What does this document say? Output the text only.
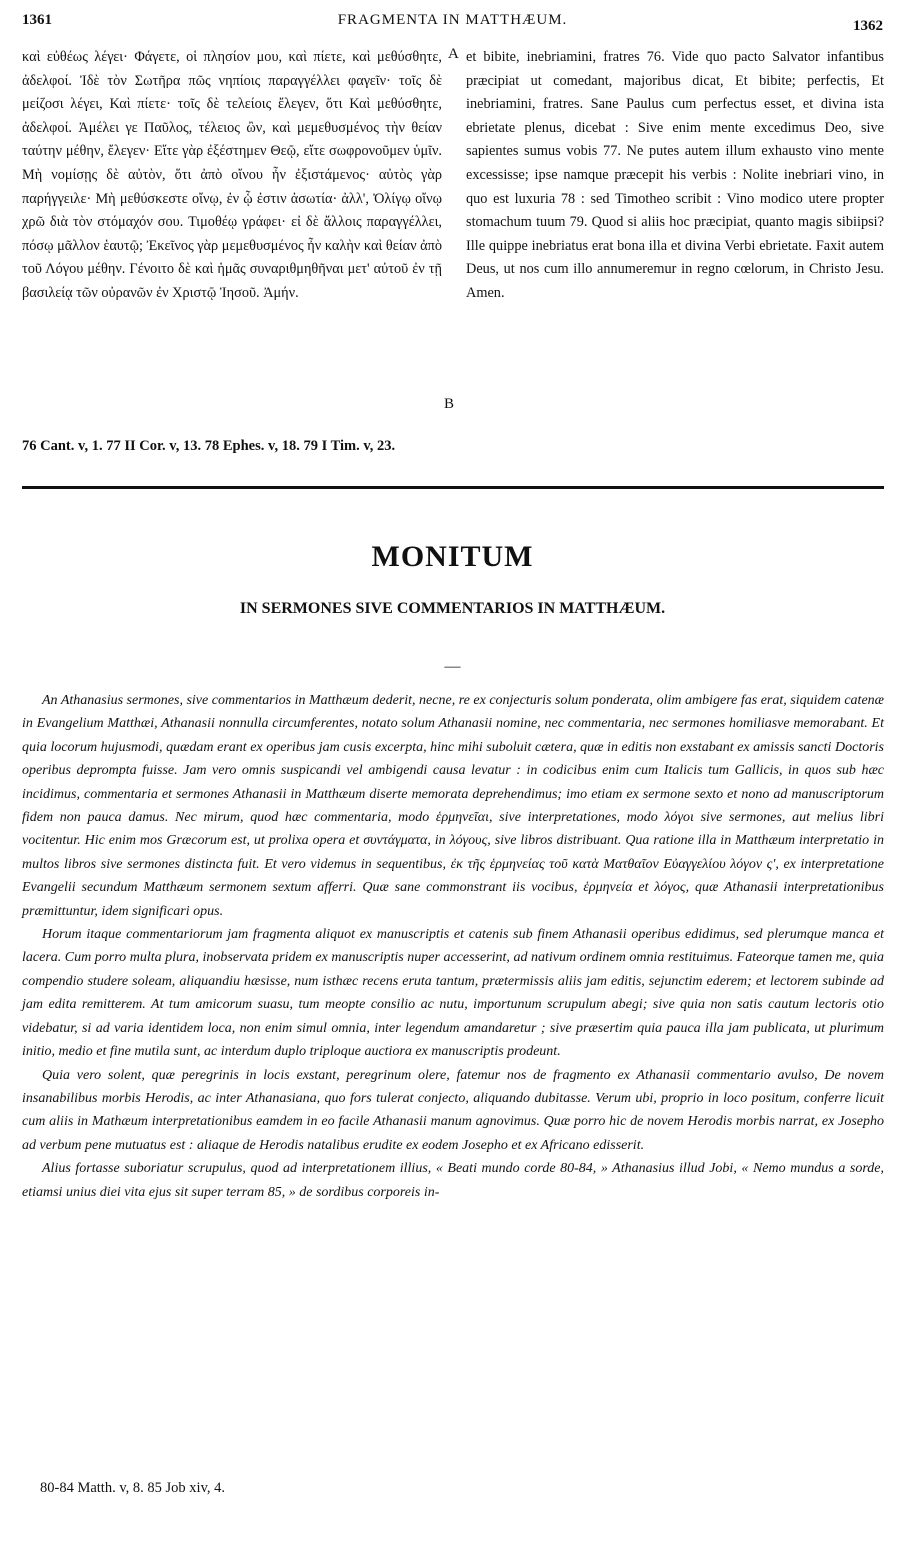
1361	FRAGMENTA IN MATTHÆUM.	1362

καὶ εὐθέως λέγει· Φάγετε, οἱ πλησίον μου, καὶ πίετε, καὶ μεθύσθητε, ἀδελφοί. Ἰδὲ τὸν Σωτῆρα πῶς νηπίοις παραγγέλλει φαγεῖν· τοῖς δὲ μείζοσι λέγει, Καὶ πίετε· τοῖς δὲ τελείοις ἔλεγεν, ὅτι Καὶ μεθύσθητε, ἀδελφοί. Ἀμέλει γε Παῦλος, τέλειος ὢν, καὶ μεμεθυσμένος τὴν θείαν ταύτην μέθην, ἔλεγεν· Εἴτε γὰρ ἐξέστημεν Θεῷ, εἴτε σωφρονοῦμεν ὑμῖν. Μὴ νομίσῃς δὲ αὐτὸν, ὅτι ἀπὸ οἴνου ἦν ἐξιστάμενος· αὐτὸς γὰρ παρήγγειλε· Μὴ μεθύσκεστε οἴνῳ, ἐν ᾧ ἐστιν ἀσωτία· ἀλλ', Ὀλίγῳ οἴνῳ χρῶ διὰ τὸν στόμαχόν σου. Τιμοθέῳ γράφει· εἰ δὲ ἄλλοις παραγγέλλει, πόσῳ μᾶλλον ἑαυτῷ; Ἐκεῖνος γὰρ μεμεθυσμένος ἦν καλὴν καὶ θείαν ἀπὸ τοῦ Λόγου μέθην. Γένοιτο δὲ καὶ ἡμᾶς συναριθμηθῆναι μετ' αὐτοῦ ἐν τῇ βασιλείᾳ τῶν οὐρανῶν ἐν Χριστῷ Ἰησοῦ. Ἀμήν.

A
B

et bibite, inebriamini, fratres 76. Vide quo pacto Salvator infantibus præcipiat ut comedant, majoribus dicat, Et bibite; perfectis, Et inebriamini, fratres. Sane Paulus cum perfectus esset, et divina ista ebrietate plenus, dicebat : Sive enim mente excedimus Deo, sive sapientes sumus vobis 77. Ne putes autem illum exhausto vino mente excessisse; ipse namque præcepit his verbis : Nolite inebriari vino, in quo est luxuria 78 : sed Timotheo scribit : Vino modico utere propter stomachum tuum 79. Quod si aliis hoc præcipiat, quanto magis sibiipsi? Ille quippe inebriatus erat bona illa et divina Verbi ebrietate. Faxit autem Deus, ut nos cum illo annumeremur in regno cœlorum, in Christo Jesu. Amen.

76 Cant. v, 1. 77 II Cor. v, 13. 78 Ephes. v, 18. 79 I Tim. v, 23.
MONITUM
IN SERMONES SIVE COMMENTARIOS IN MATTHÆUM.
—

An Athanasius sermones, sive commentarios in Matthæum dederit, necne, re ex conjecturis solum ponderata, olim ambigere fas erat, siquidem catenæ in Evangelium Matthæi, Athanasii nonnulla circumferentes, notato solum Athanasii nomine, nec commentaria, nec sermones homiliasve memorabant. Et quia locorum hujusmodi, quædam erant ex operibus jam cusis excerpta, hinc mihi suboluit cætera, quæ in editis non exstabant ex amissis sancti Doctoris operibus deprompta fuisse. Jam vero omnis suspicandi vel ambigendi causa levatur : in codicibus enim cum Italicis tum Gallicis, in quos sub hæc incidimus, commentaria et sermones Athanasii in Matthæum diserte memorata deprehendimus; imo etiam ex sermone sexto et nono ad manuscriptorum fidem non pauca damus. Nec mirum, quod hæc commentaria, modo ἑρμηνεῖαι, sive interpretationes, modo λόγοι sive sermones, aut melius libri vocitentur. Hic enim mos Græcorum est, ut prolixa opera et συντάγματα, in λόγους, sive libros distribuant. Qua ratione illa in Matthæum interpretatio in multos libros sive sermones distincta fuit. Et vero videmus in sequentibus, ἐκ τῆς ἑρμηνείας τοῦ κατὰ Ματθαῖον Εὐαγγελίου λόγον ς', ex interpretatione Evangelii secundum Matthæum sermonem sextum afferri. Quæ sane commonstrant iis vocibus, ἑρμηνεία et λόγος, quæ Athanasii interpretationibus præmittuntur, idem significari opus.

Horum itaque commentariorum jam fragmenta aliquot ex manuscriptis et catenis sub finem Athanasii operibus edidimus, sed plerumque manca et lacera. Cum porro multa plura, inobservata pridem ex manuscriptis nuper accesserint, ad nativum ordinem omnia restituimus. Fateorque tamen me, quia compendio studere soleam, aliquandiu hæsisse, num isthæc recens eruta tantum, prætermissis aliis jam editis, sejunctim ederem; et lectorem subinde ad jam edita remitterem. At tum amicorum suasu, tum meopte consilio ac nutu, importunum scrupulum abegi; sive quia non satis cautum lectoris otio videbatur, si ad varia identidem loca, non enim simul omnia, inter legendum amandaretur ; sive præsertim quia pauca illa jam publicata, ut plurimum initio, medio et fine mutila sunt, ac interdum duplo triploque auctiora ex manuscriptis prodeunt.

Quia vero solent, quæ peregrinis in locis exstant, peregrinum olere, fatemur nos de fragmento ex Athanasii commentario avulso, De novem insanabilibus morbis Herodis, ac inter Athanasiana, quo fors tulerat conjecto, aliquando dubitasse. Verum ubi, proprio in loco positum, conferre licuit cum aliis in Mathæum interpretationibus eamdem in eo facile Athanasii manum agnovimus. Quæ porro hic de novem Herodis morbis narrat, ex Josepho ad verbum pene mutuatus est : aliaque de Herodis natalibus erudite ex eodem Josepho et ex Africano edisserit.

Alius fortasse suboriatur scrupulus, quod ad interpretationem illius, « Beati mundo corde 80-84, » Athanasius illud Jobi, « Nemo mundus a sorde, etiamsi unius diei vita ejus sit super terram 85, » de sordibus corporeis in-

80-84 Matth. v, 8. 85 Job xiv, 4.
